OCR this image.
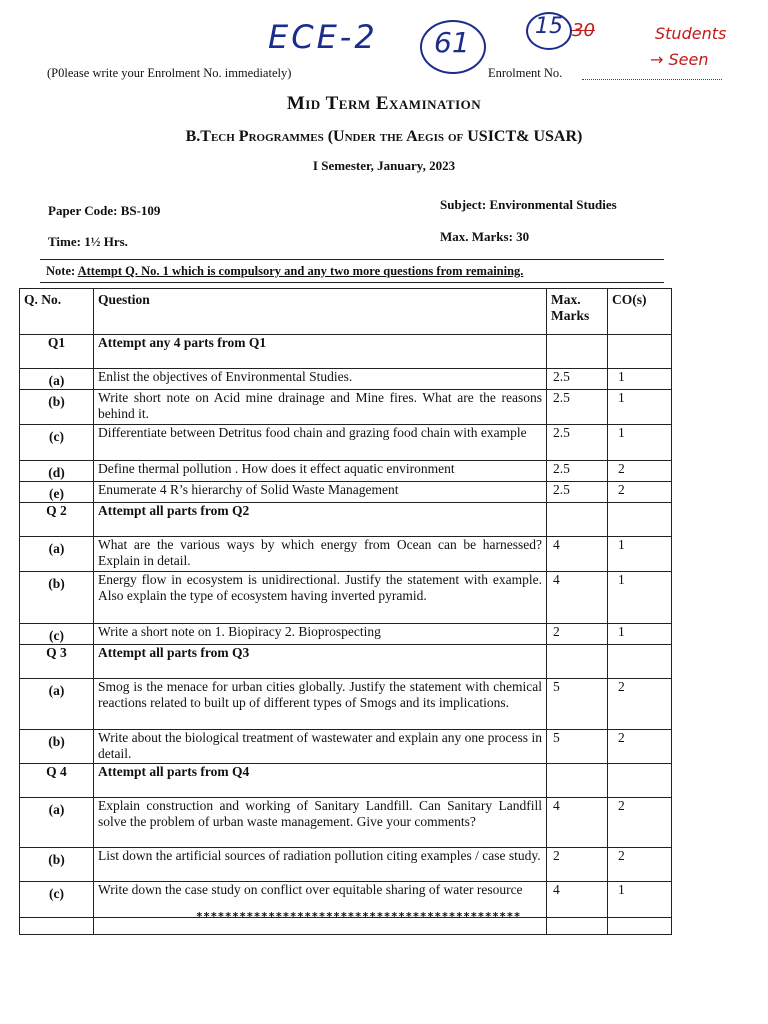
ECE-2 61	15 30	Students
→ Seen
(P0lease write your Enrolment No. immediately)	Enrolment No.
Mid Term Examination
B.Tech Programmes (Under the Aegis of USICT& USAR)
I Semester, January, 2023
Paper Code: BS-109	Subject: Environmental Studies
Time: 1½ Hrs.	Max. Marks: 30
Note: Attempt Q. No. 1 which is compulsory and any two more questions from remaining.
Q. No.	Question	Max. Marks	CO(s)
Q1	Attempt any 4 parts from Q1		
(a)	Enlist the objectives of Environmental Studies.	2.5	1
(b)	Write short note on Acid mine drainage and Mine fires. What are the reasons behind it.	2.5	1
(c)	Differentiate between Detritus food chain and grazing food chain with example	2.5	1
(d)	Define thermal pollution . How does it effect aquatic environment	2.5	2
(e)	Enumerate 4 R’s hierarchy of Solid Waste Management	2.5	2
Q 2	Attempt all parts from Q2		
(a)	What are the various ways by which energy from Ocean can be harnessed? Explain in detail.	4	1
(b)	Energy flow in ecosystem is unidirectional. Justify the statement with example. Also explain the type of ecosystem having inverted pyramid.	4	1
(c)	Write a short note on 1. Biopiracy 2. Bioprospecting	2	1
Q 3	Attempt all parts from Q3		
(a)	Smog is the menace for urban cities globally. Justify the statement with chemical reactions related to built up of different types of Smogs and its implications.	5	2
(b)	Write about the biological treatment of wastewater and explain any one process in detail.	5	2
Q 4	Attempt all parts from Q4		
(a)	Explain construction and working of Sanitary Landfill. Can Sanitary Landfill solve the problem of urban waste management. Give your comments?	4	2
(b)	List down the artificial sources of radiation pollution citing examples / case study.	2	2
(c)	Write down the case study on conflict over equitable sharing of water resource	4	1

*********************************************
